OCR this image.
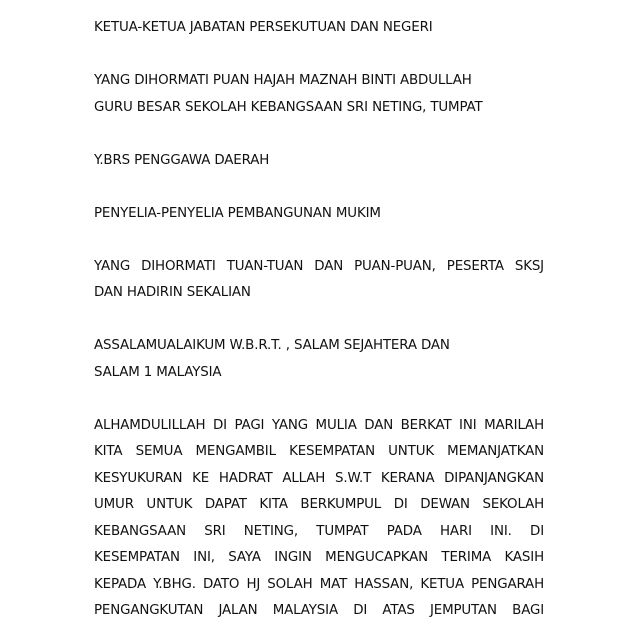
KETUA-KETUA JABATAN PERSEKUTUAN DAN NEGERI
YANG DIHORMATI PUAN HAJAH MAZNAH BINTI ABDULLAH
GURU BESAR SEKOLAH KEBANGSAAN SRI NETING, TUMPAT
Y.BRS PENGGAWA DAERAH
PENYELIA-PENYELIA PEMBANGUNAN MUKIM
YANG DIHORMATI TUAN-TUAN DAN PUAN-PUAN, PESERTA SKSJ
DAN HADIRIN SEKALIAN
ASSALAMUALAIKUM W.B.R.T. , SALAM SEJAHTERA DAN
SALAM 1 MALAYSIA
ALHAMDULILLAH DI PAGI YANG MULIA DAN BERKAT INI MARILAH
KITA SEMUA MENGAMBIL KESEMPATAN UNTUK MEMANJATKAN
KESYUKURAN KE HADRAT ALLAH S.W.T KERANA DIPANJANGKAN
UMUR UNTUK DAPAT KITA BERKUMPUL DI DEWAN SEKOLAH
KEBANGSAAN SRI NETING, TUMPAT PADA HARI INI. DI
KESEMPATAN INI, SAYA INGIN MENGUCAPKAN TERIMA KASIH
KEPADA Y.BHG. DATO HJ SOLAH MAT HASSAN, KETUA PENGARAH
PENGANGKUTAN JALAN MALAYSIA DI ATAS JEMPUTAN BAGI
